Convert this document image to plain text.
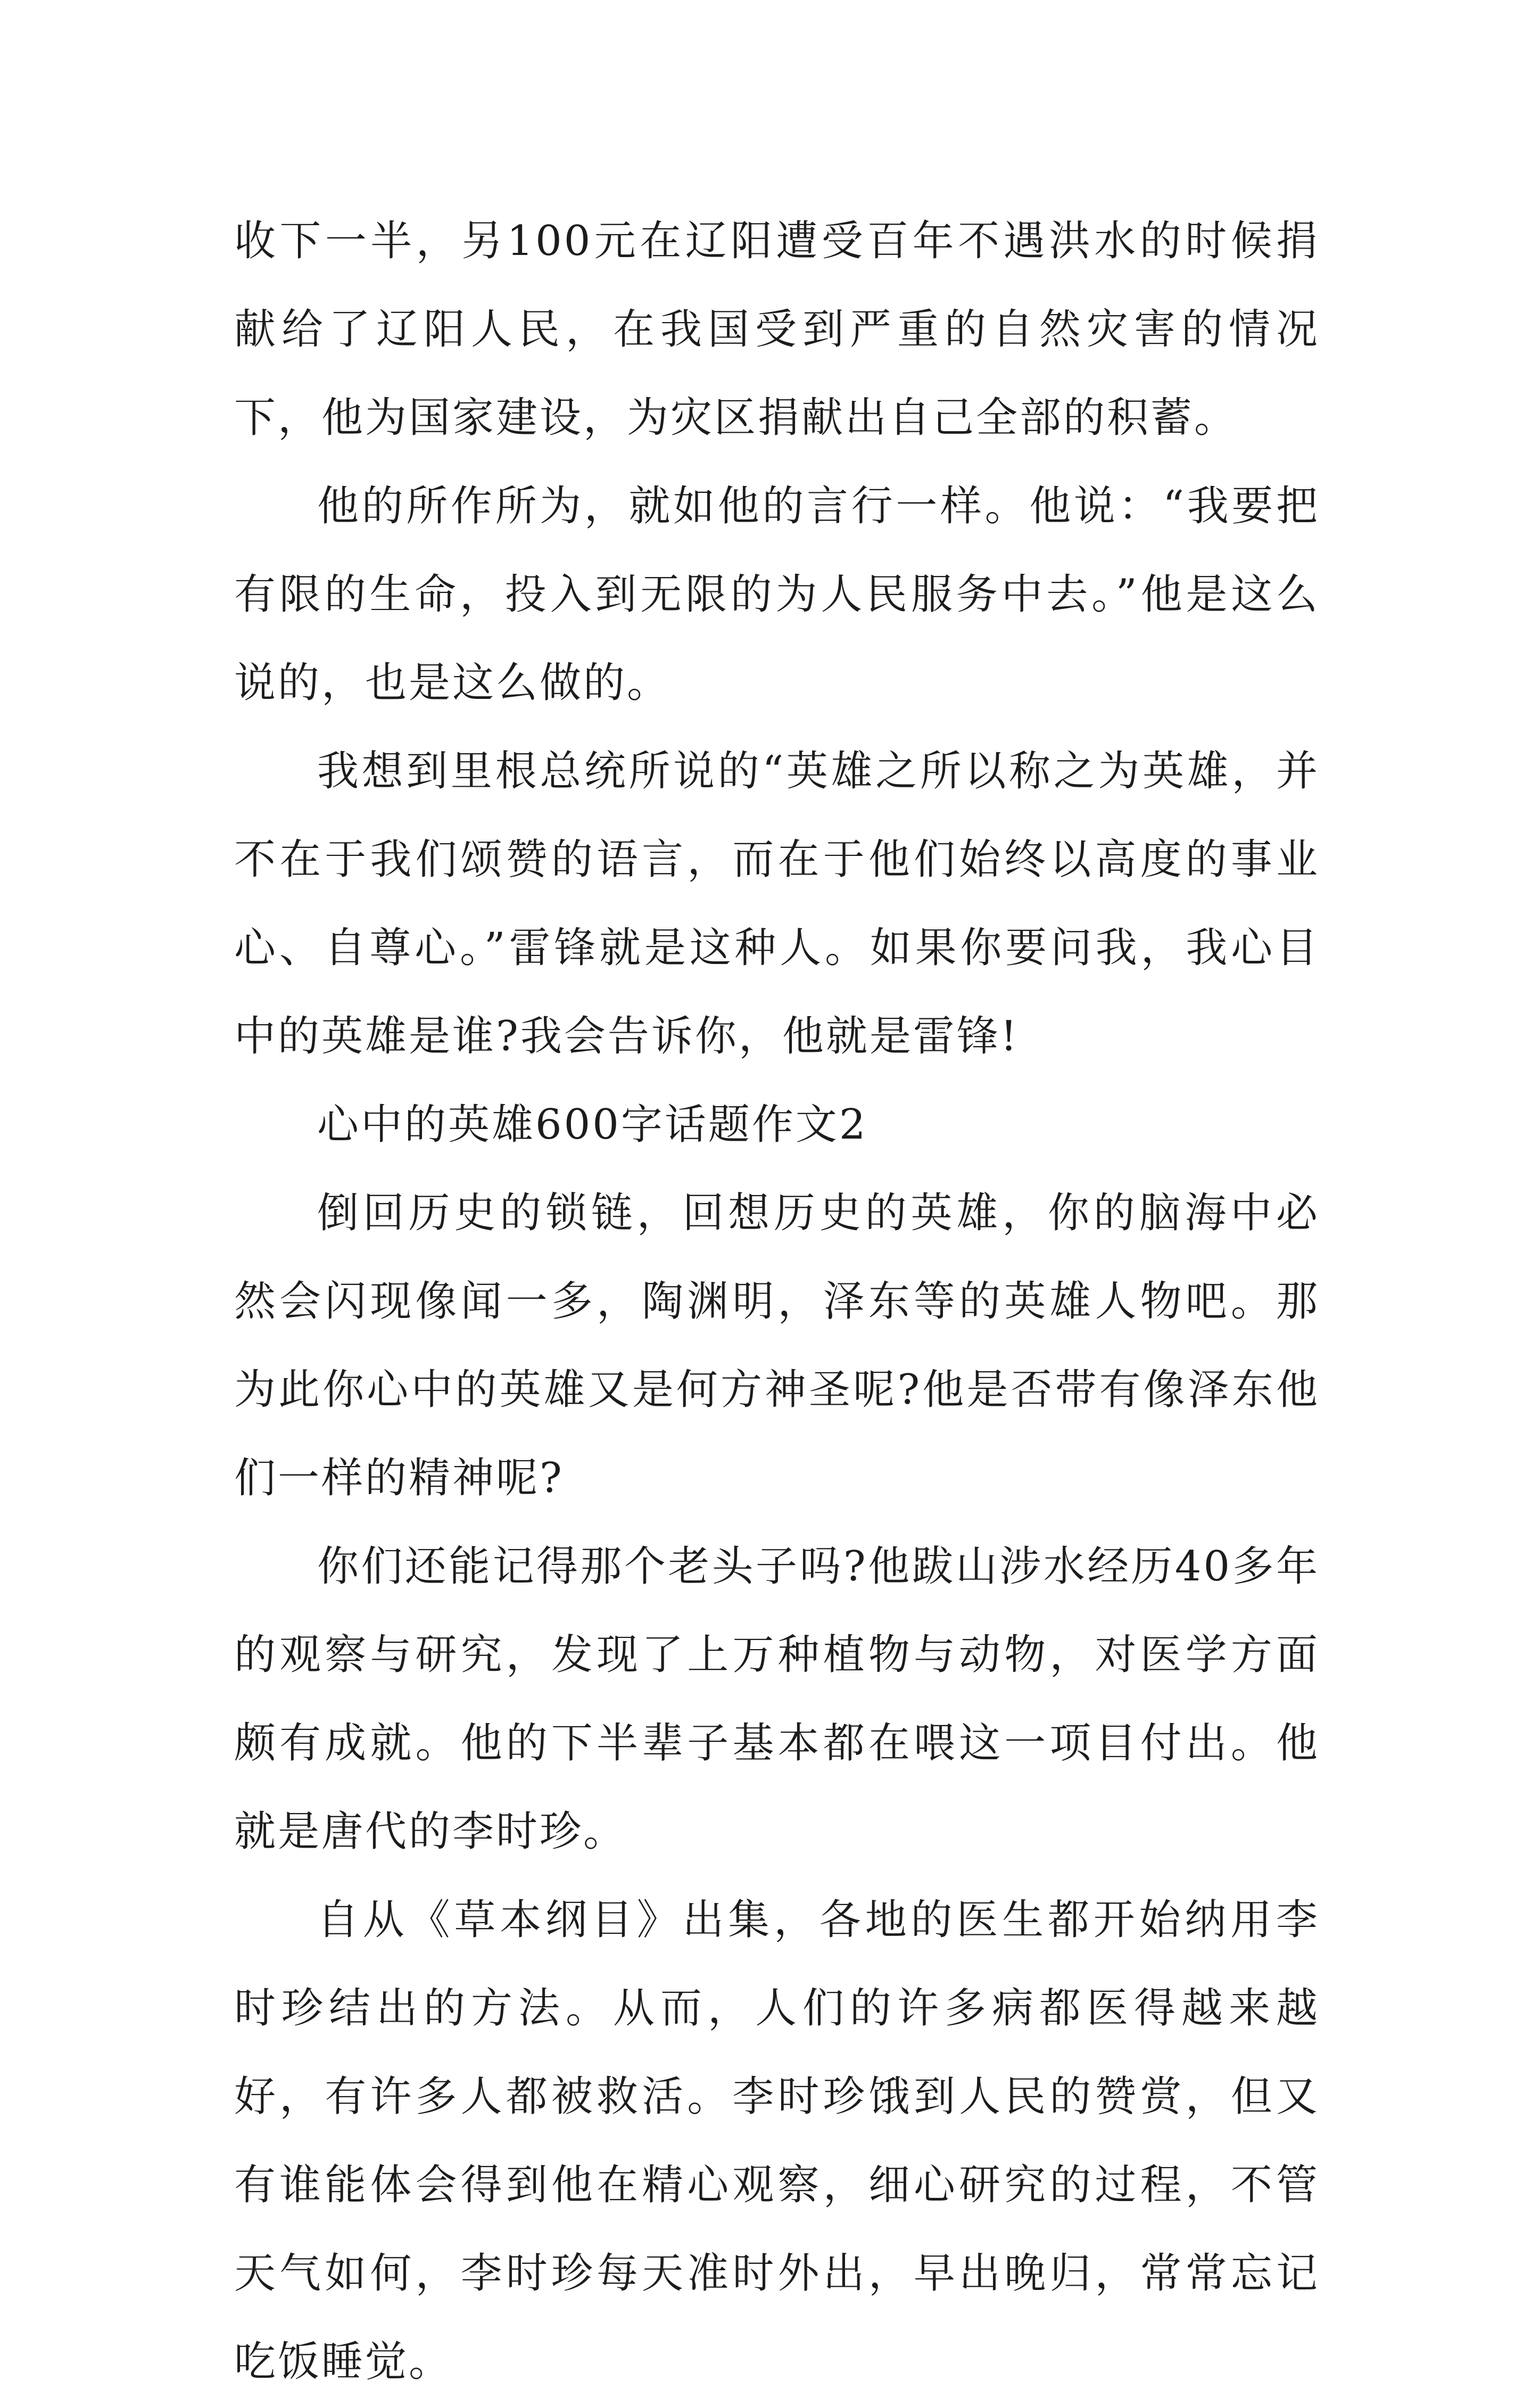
收下一半，另100元在辽阳遭受百年不遇洪水的时候捐献给了辽阳人民，在我国受到严重的自然灾害的情况下，他为国家建设，为灾区捐献出自己全部的积蓄。

他的所作所为，就如他的言行一样。他说：“我要把有限的生命，投入到无限的为人民服务中去。”他是这么说的，也是这么做的。

我想到里根总统所说的“英雄之所以称之为英雄，并不在于我们颂赞的语言，而在于他们始终以高度的事业心、自尊心。”雷锋就是这种人。如果你要问我，我心目中的英雄是谁?我会告诉你，他就是雷锋!

心中的英雄600字话题作文2

倒回历史的锁链，回想历史的英雄，你的脑海中必然会闪现像闻一多，陶渊明，泽东等的英雄人物吧。那为此你心中的英雄又是何方神圣呢?他是否带有像泽东他们一样的精神呢?

你们还能记得那个老头子吗?他跋山涉水经历40多年的观察与研究，发现了上万种植物与动物，对医学方面颇有成就。他的下半辈子基本都在喂这一项目付出。他就是唐代的李时珍。

自从《草本纲目》出集，各地的医生都开始纳用李时珍结出的方法。从而，人们的许多病都医得越来越好，有许多人都被救活。李时珍饿到人民的赞赏，但又有谁能体会得到他在精心观察，细心研究的过程，不管天气如何，李时珍每天准时外出，早出晚归，常常忘记吃饭睡觉。
